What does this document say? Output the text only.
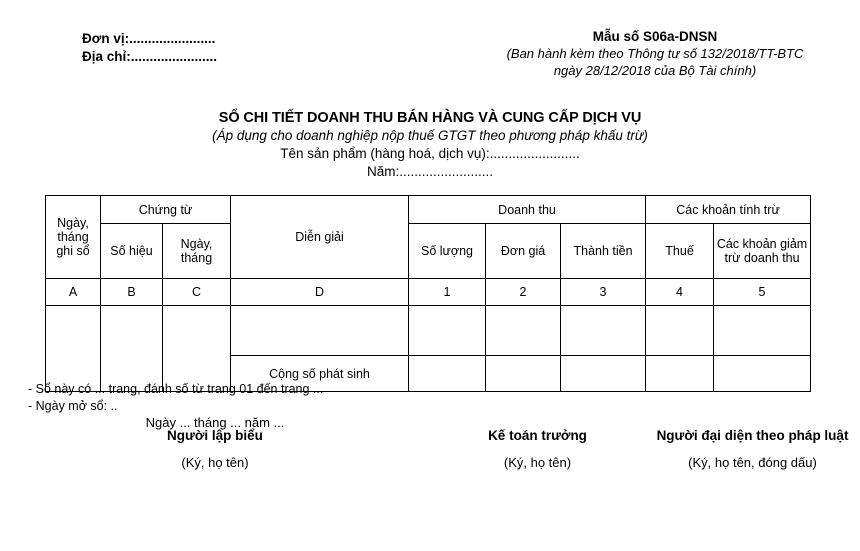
Đơn vị:.......................
Địa chỉ:.......................
Mẫu số S06a-DNSN
(Ban hành kèm theo Thông tư số 132/2018/TT-BTC
ngày 28/12/2018 của Bộ Tài chính)
SỔ CHI TIẾT DOANH THU BÁN HÀNG VÀ CUNG CẤP DỊCH VỤ
(Áp dụng cho doanh nghiệp nộp thuế GTGT theo phương pháp khấu trừ)
Tên sản phẩm (hàng hoá, dịch vụ):........................
Năm:.........................
Ngày, tháng ghi sổ	Chứng từ		Diễn giải	Doanh thu			Các khoản tính trừ	
	Số hiệu	Ngày, tháng		Số lượng	Đơn giá	Thành tiền	Thuế	Các khoản giảm trừ doanh thu
A	B	C	D	1	2	3	4	5

			Cộng số phát sinh					
- Sổ này có ... trang, đánh số từ trang 01 đến trang ...
- Ngày mở sổ: ..
Ngày ... tháng ... năm ...
Người lập biểu
(Ký, họ tên)
Kế toán trưởng
(Ký, họ tên)
Người đại diện theo pháp luật
(Ký, họ tên, đóng dấu)
